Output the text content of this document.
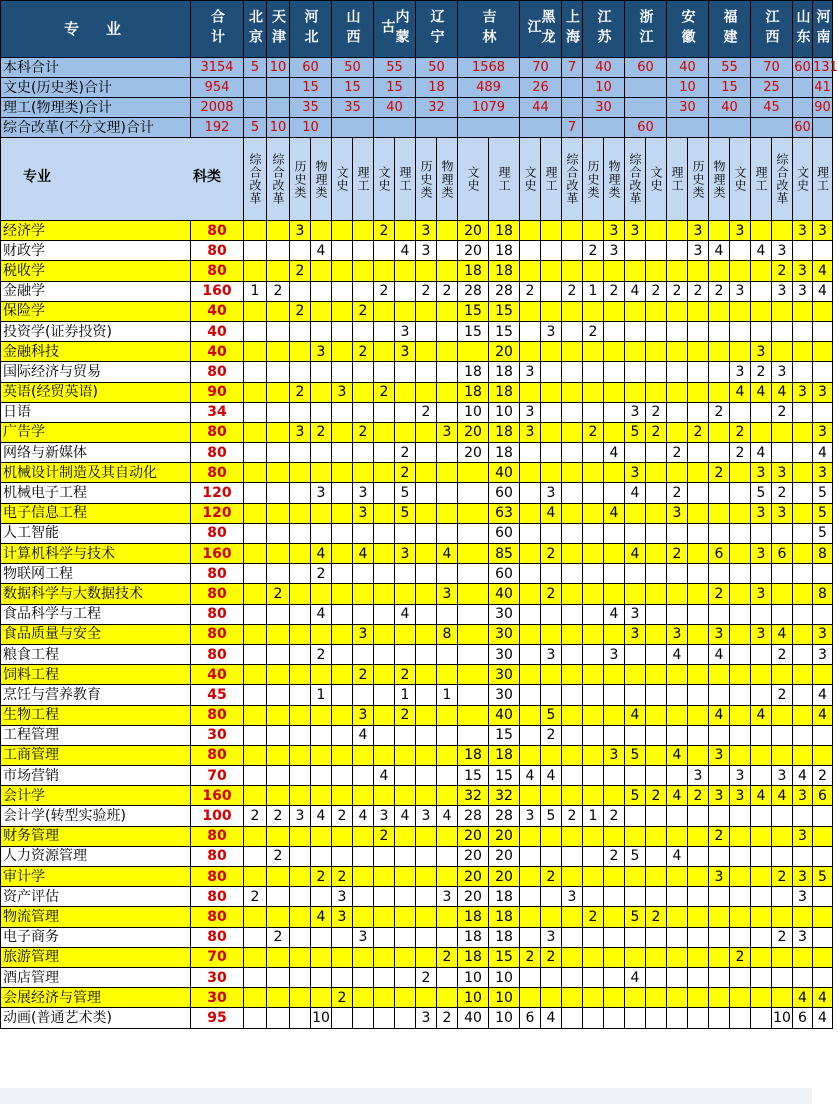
专　业	合计	北京	天津	河北		山西		内蒙古		辽宁		吉林		黑龙江		上海	江苏		浙江		安徽		福建		江西		山东	河南
本科合计	3154	5	10	60		50		55		50		1568		70		7	40		60		40		55		70		60	131
文史(历史类)合计	954			15		15		15		18		489		26			10				10		15		25			41
理工(物理类)合计	2008			35		35		40		32		1079		44			30				30		40		45			90
综合改革(不分文理)合计	192	5	10	10												7			60								60	

专业 科类		综合改革	综合改革	历史类	物理类	文史	理工	文史	理工	历史类	物理类	文史	理工	文史	理工	综合改革	历史类	物理类	综合改革	文史	理工	历史类	物理类	文史	理工	综合改革	文史	理工
经济学	80			3				2		3		20	18					3	3			3		3			3	3
财政学	80				4				4	3		20	18				2	3				3	4		4	3		
税收学	80			2								18	18													2	3	4
金融学	160	1	2					2		2	2	28	28	2		2	1	2	4	2	2	2	2	3		3	3	4
保险学	40			2			2					15	15															
投资学(证券投资)	40								3			15	15		3		2											
金融科技	40				3		2		3				20												3			
国际经济与贸易	80											18	18	3										3	2	3		
英语(经贸英语)	90			2		3		2				18	18											4	4	4	3	3
日语	34									2		10	10	3					3	2			2			2		
广告学	80			3	2		2				3	20	18	3			2		5	2		2		2				3
网络与新媒体	80								2			20	18					4			2			2	4			4
机械设计制造及其自动化	80								2				40						3				2		3	3		3
机械电子工程	120				3		3		5				60		3				4		2				5	2		5
电子信息工程	120						3		5				63		4			4			3				3	3		5
人工智能	80												60															5
计算机科学与技术	160				4		4		3		4		85		2				4		2		6		3	6		8
物联网工程	80				2								60															
数据科学与大数据技术	80		2								3		40		2								2		3			8
食品科学与工程	80				4				4				30					4	3									
食品质量与安全	80						3				8		30						3		3		3		3	4		3
粮食工程	80				2								30		3			3			4		4			2		3
饲料工程	40						2		2				30															
烹饪与营养教育	45				1				1		1		30													2		4
生物工程	80						3		2				40		5				4				4		4			4
工程管理	30						4						15		2													
工商管理	80											18	18					3	5		4		3					
市场营销	70							4				15	15	4	4							3		3		3	4	2
会计学	160											32	32						5	2	4	2	3	3	4	4	3	6
会计学(转型实验班)	100	2	2	3	4	2	4	3	4	3	4	28	28	3	5	2	1	2										
财务管理	80							2				20	20										2				3	
人力资源管理	80		2									20	20					2	5		4							
审计学	80				2	2						20	20		2								3			2	3	5
资产评估	80	2				3					3	20	18			3											3	
物流管理	80				4	3						18	18				2		5	2								
电子商务	80		2				3					18	18		3											2	3	
旅游管理	70										2	18	15	2	2									2				
酒店管理	30									2		10	10						4									
会展经济与管理	30					2						10	10														4	4
动画(普通艺术类)	95				10					3	2	40	10	6	4											10	6	4
